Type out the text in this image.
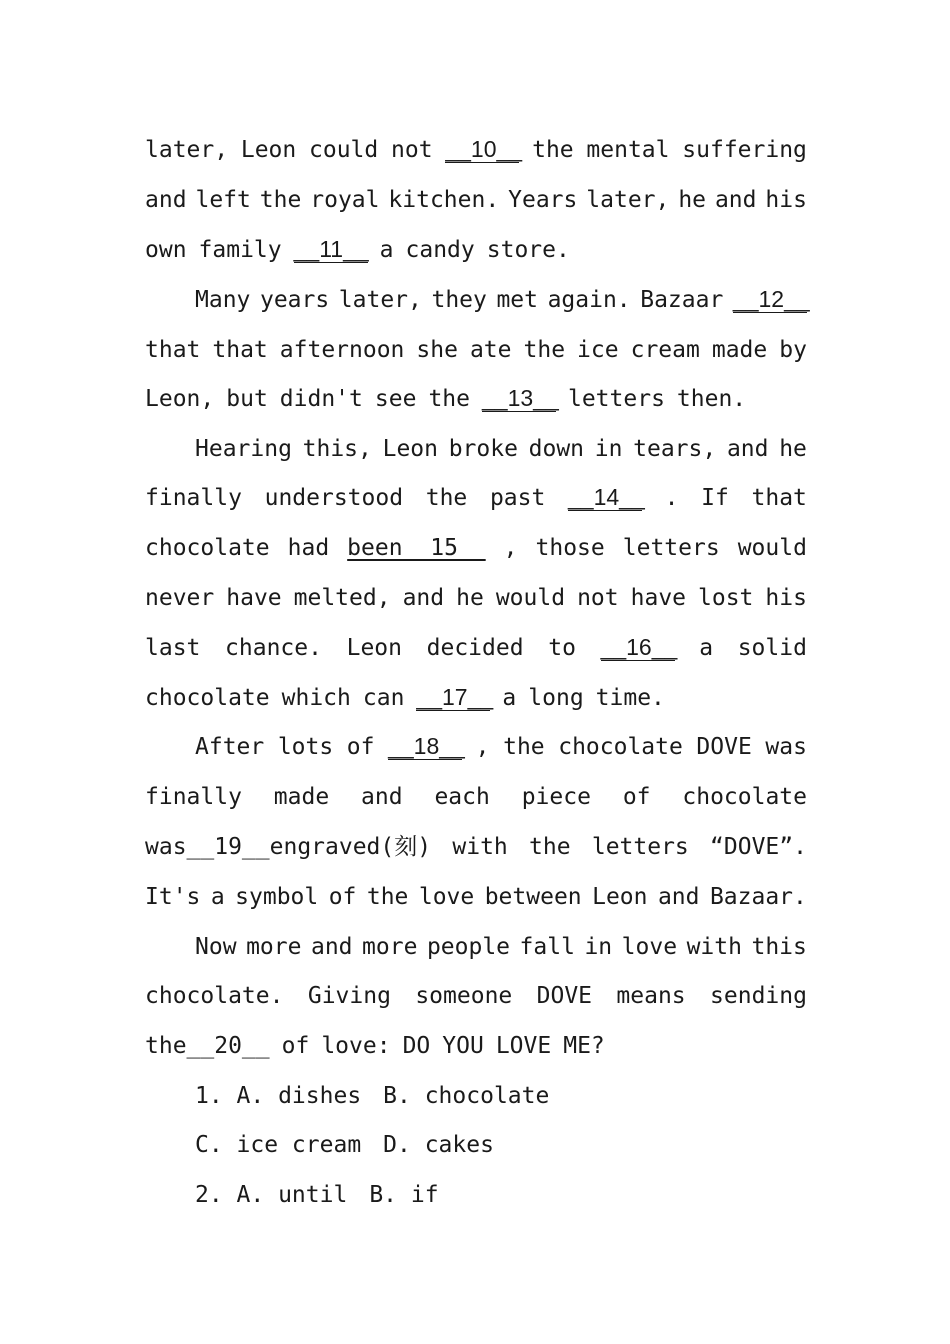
later, Leon could not __10__ the mental suffering
and left the royal kitchen. Years later, he and his
own family __11__ a candy store.
Many years later, they met again. Bazaar __12__
that that afternoon she ate the ice cream made by
Leon, but didn't see the __13__ letters then.
Hearing this, Leon broke down in tears, and he
finally understood the past __14__ . If that
chocolate had been__15__ , those letters would
never have melted, and he would not have lost his
last chance. Leon decided to __16__ a solid
chocolate which can __17__ a long time.
After lots of __18__ , the chocolate DOVE was
finally made and each piece of chocolate
was__19__engraved(刻) with the letters “DOVE”.
It's a symbol of the love between Leon and Bazaar.
Now more and more people fall in love with this
chocolate. Giving someone DOVE means sending
the__20__ of love: DO YOU LOVE ME?
1. A. dishes B. chocolate
C. ice cream D. cakes
2. A. until B. if
